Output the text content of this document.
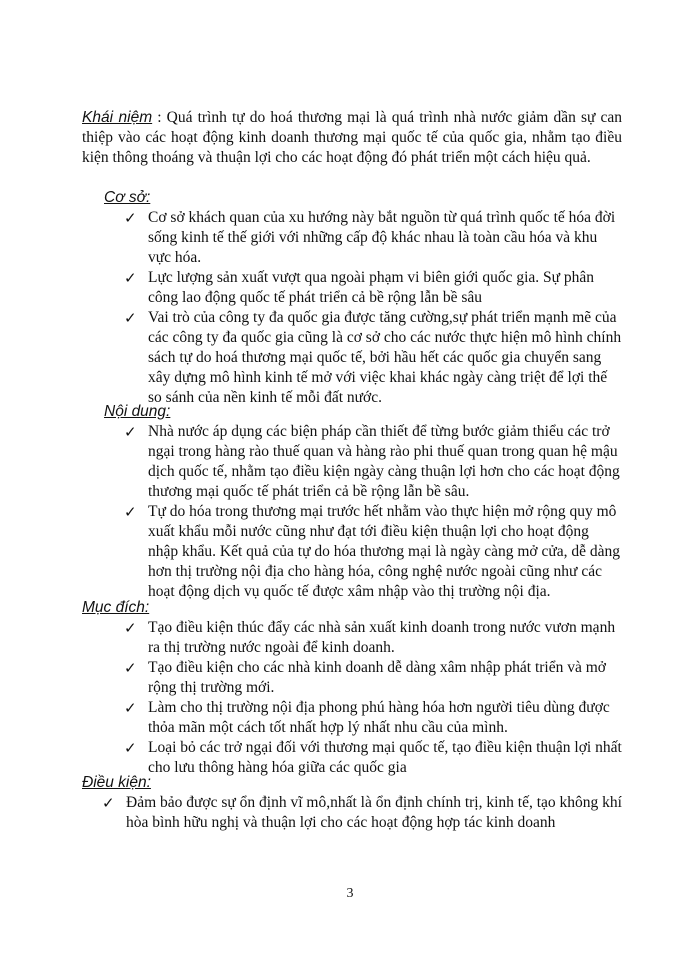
Khái niệm : Quá trình tự do hoá thương mại là quá trình nhà nước giảm dần sự can thiệp vào các hoạt động kinh doanh thương mại quốc tế của quốc gia, nhằm tạo điều kiện thông thoáng và thuận lợi cho các hoạt động đó phát triển một cách hiệu quả.

Cơ sở:
✓ Cơ sở khách quan của xu hướng này bắt nguồn từ quá trình quốc tế hóa đời sống kinh tế thế giới với những cấp độ khác nhau là toàn cầu hóa và khu vực hóa.
✓ Lực lượng sản xuất vượt qua ngoài phạm vi biên giới quốc gia. Sự phân công lao động quốc tế phát triển cả bề rộng lẫn bề sâu
✓ Vai trò của công ty đa quốc gia được tăng cường,sự phát triển mạnh mẽ của các công ty đa quốc gia cũng là cơ sở cho các nước thực hiện mô hình chính sách tự do hoá thương mại quốc tế, bởi hầu hết các quốc gia chuyển sang xây dựng mô hình kinh tế mở với việc khai khác ngày càng triệt để lợi thế so sánh của nền kinh tế mỗi đất nước.
Nội dung:
✓ Nhà nước áp dụng các biện pháp cần thiết để từng bước giảm thiểu các trở ngại trong hàng rào thuế quan và hàng rào phi thuế quan trong quan hệ mậu dịch quốc tế, nhằm tạo điều kiện ngày càng thuận lợi hơn cho các hoạt động thương mại quốc tế phát triển cả bề rộng lẫn bề sâu.
✓ Tự do hóa trong thương mại trước hết nhằm vào thực hiện mở rộng quy mô xuất khẩu mỗi nước cũng như đạt tới điều kiện thuận lợi cho hoạt động nhập khẩu. Kết quả của tự do hóa thương mại là ngày càng mở cửa, dễ dàng hơn thị trường nội địa cho hàng hóa, công nghệ nước ngoài cũng như các hoạt động dịch vụ quốc tế được xâm nhập vào thị trường nội địa.
Mục đích:
✓ Tạo điều kiện thúc đẩy các nhà sản xuất kinh doanh trong nước vươn mạnh ra thị trường nước ngoài để kinh doanh.
✓ Tạo điều kiện cho các nhà kinh doanh dễ dàng xâm nhập phát triển và mở rộng thị trường mới.
✓ Làm cho thị trường nội địa phong phú hàng hóa hơn người tiêu dùng được thỏa mãn một cách tốt nhất hợp lý nhất nhu cầu của mình.
✓ Loại bỏ các trở ngại đối với thương mại quốc tế, tạo điều kiện thuận lợi nhất cho lưu thông hàng hóa giữa các quốc gia
Điều kiện:
✓ Đảm bảo được sự ổn định vĩ mô,nhất là ổn định chính trị, kinh tế, tạo không khí hòa bình hữu nghị và thuận lợi cho các hoạt động hợp tác kinh doanh
3
